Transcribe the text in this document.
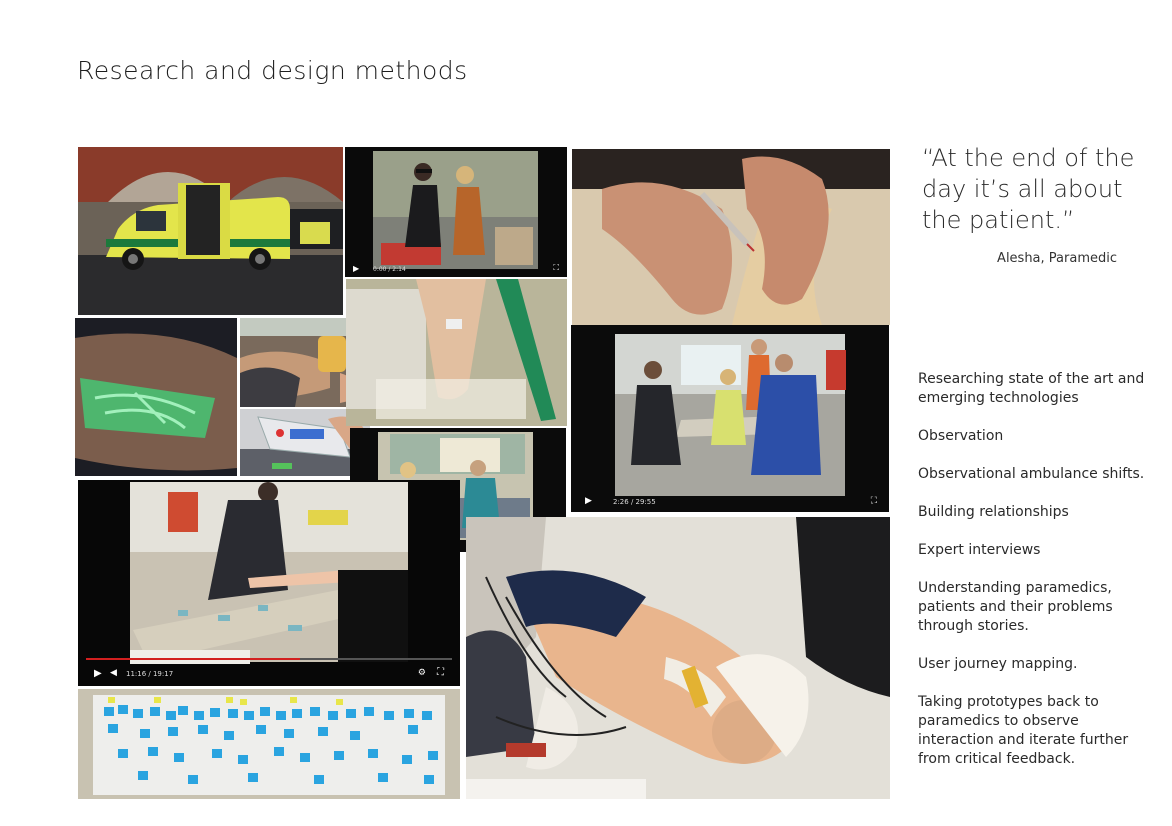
Research and design methods
▶ 0:00 / 2:14	⛶
▶	2:26 / 29:55	⛶
▶ ◀ 11:16 / 19:17	⚙ ⛶
“At the end of the day it’s all about the patient.”
Alesha, Paramedic
Researching state of the art and emerging technologies
Observation
Observational ambulance shifts.
Building relationships
Expert interviews
Understanding paramedics, patients and their problems through stories.
User journey mapping.
Taking prototypes back to paramedics to observe interaction and iterate further from critical feedback.
